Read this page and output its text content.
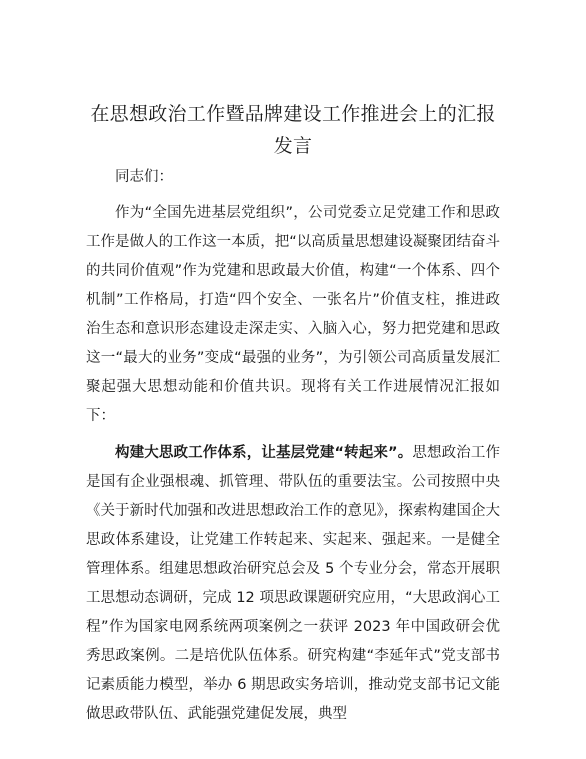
在思想政治工作暨品牌建设工作推进会上的汇报发言

同志们：

作为“全国先进基层党组织”，公司党委立足党建工作和思政工作是做人的工作这一本质，把“以高质量思想建设凝聚团结奋斗的共同价值观”作为党建和思政最大价值，构建“一个体系、四个机制”工作格局，打造“四个安全、一张名片”价值支柱，推进政治生态和意识形态建设走深走实、入脑入心，努力把党建和思政这一“最大的业务”变成“最强的业务”，为引领公司高质量发展汇聚起强大思想动能和价值共识。现将有关工作进展情况汇报如下：

构建大思政工作体系，让基层党建“转起来”。思想政治工作是国有企业强根魂、抓管理、带队伍的重要法宝。公司按照中央《关于新时代加强和改进思想政治工作的意见》，探索构建国企大思政体系建设，让党建工作转起来、实起来、强起来。一是健全管理体系。组建思想政治研究总会及 5 个专业分会，常态开展职工思想动态调研，完成 12 项思政课题研究应用，“大思政润心工程”作为国家电网系统两项案例之一获评 2023 年中国政研会优秀思政案例。二是培优队伍体系。研究构建“李延年式”党支部书记素质能力模型，举办 6 期思政实务培训，推动党支部书记文能做思政带队伍、武能强党建促发展，典型
